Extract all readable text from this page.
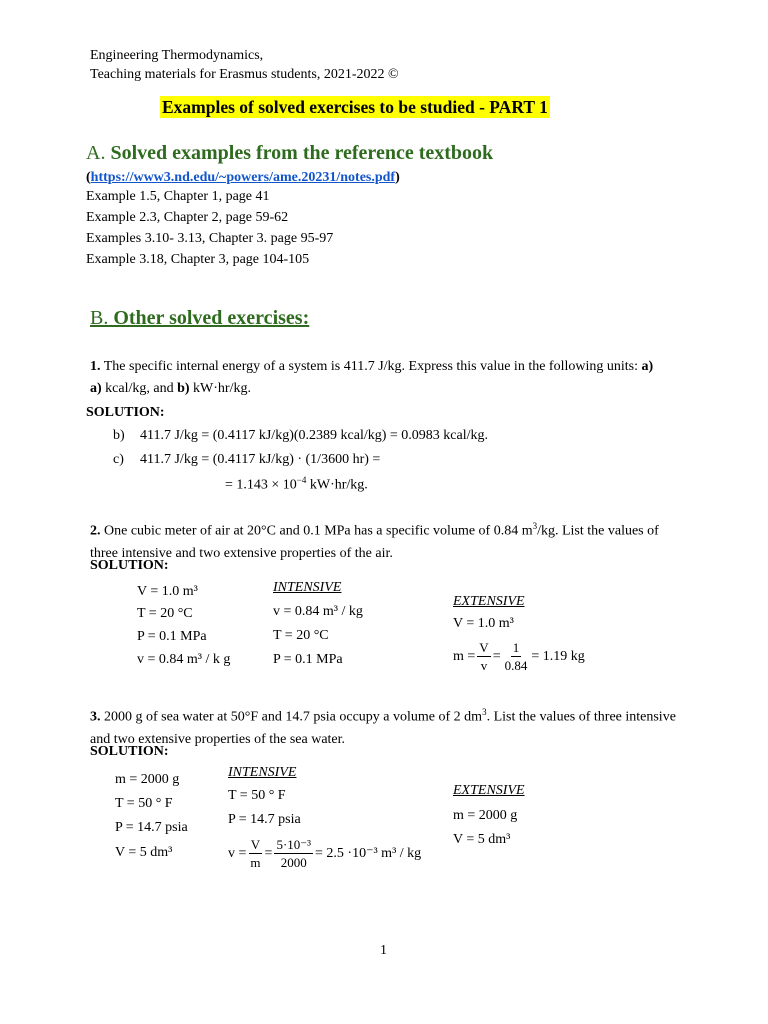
Engineering Thermodynamics,
Teaching materials for Erasmus students, 2021-2022 ©
Examples of solved exercises to be studied - PART 1
A. Solved examples from the reference textbook
(https://www3.nd.edu/~powers/ame.20231/notes.pdf)
Example 1.5, Chapter 1, page 41
Example 2.3, Chapter 2, page 59-62
Examples 3.10- 3.13, Chapter 3. page 95-97
Example 3.18, Chapter 3, page 104-105
B. Other solved exercises:
1. The specific internal energy of a system is 411.7 J/kg. Express this value in the following units: a)
a) kcal/kg, and b) kW·hr/kg.
SOLUTION:
b) 411.7 J/kg = (0.4117 kJ/kg)(0.2389 kcal/kg) = 0.0983 kcal/kg.
c) 411.7 J/kg = (0.4117 kJ/kg) · (1/3600 hr) =
= $1.143 \times 10^{-4}$ kW·hr/kg.
2. One cubic meter of air at 20°C and 0.1 MPa has a specific volume of 0.84 $m^3/kg$. List the values of three intensive and two extensive properties of the air.
SOLUTION:
V = 1.0 m³
T = 20 °C
P = 0.1 MPa
v = 0.84 m³ / k g
INTENSIVE
v = 0.84 m³ / kg
T = 20 °C
P = 0.1 MPa
EXTENSIVE
V = 1.0 m³
$m = \frac{V}{v} = \frac{1}{0.84} = 1.19$ kg
3. 2000 g of sea water at 50°F and 14.7 psia occupy a volume of 2 $dm^3$. List the values of three intensive and two extensive properties of the sea water.
SOLUTION:
m = 2000 g
T = 50 ° F
P = 14.7 psia
V = 5 dm³
INTENSIVE
T = 50 ° F
P = 14.7 psia
$v = \frac{V}{m} = \frac{\text{5·10⁻³}}{2000} = 2.5 \cdot 10^{-3}$ m³ / kg
EXTENSIVE
m = 2000 g
V = 5 dm³
1
